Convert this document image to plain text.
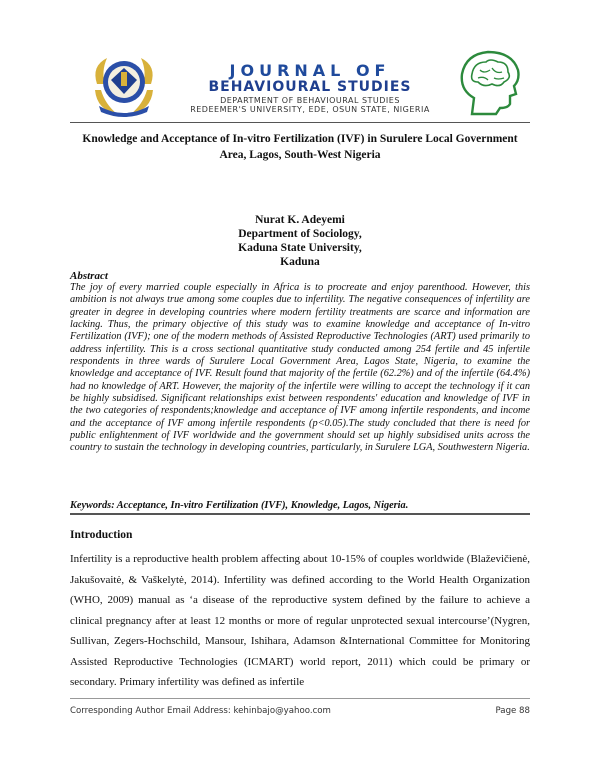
JOURNAL OF
BEHAVIOURAL STUDIES
DEPARTMENT OF BEHAVIOURAL STUDIES
REDEEMER'S UNIVERSITY, EDE, OSUN STATE, NIGERIA
Knowledge and Acceptance of In-vitro Fertilization (IVF) in Surulere Local Government Area, Lagos, South-West Nigeria
Nurat K. Adeyemi
Department of Sociology,
Kaduna State University,
Kaduna
Abstract

The joy of every married couple especially in Africa is to procreate and enjoy parenthood. However, this ambition is not always true among some couples due to infertility. The negative consequences of infertility are greater in degree in developing countries where modern fertility treatments are scarce and information are lacking. Thus, the primary objective of this study was to examine knowledge and acceptance of In-vitro Fertilization (IVF); one of the modern methods of Assisted Reproductive Technologies (ART) used primarily to address infertility. This is a cross sectional quantitative study conducted among 254 fertile and 45 infertile respondents in three wards of Surulere Local Government Area, Lagos State, Nigeria, to examine the knowledge and acceptance of IVF. Result found that majority of the fertile (62.2%) and of the infertile (64.4%) had no knowledge of ART. However, the majority of the infertile were willing to accept the technology if it can be highly subsidised. Significant relationships exist between respondents' education and knowledge of IVF in the two categories of respondents;knowledge and acceptance of IVF among infertile respondents, and income and the acceptance of IVF among infertile respondents (p<0.05).The study concluded that there is need for public enlightenment of IVF worldwide and the government should set up highly subsidised units across the country to sustain the technology in developing countries, particularly, in Surulere LGA, Southwestern Nigeria.

Keywords: Acceptance, In-vitro Fertilization (IVF), Knowledge, Lagos, Nigeria.
Introduction

Infertility is a reproductive health problem affecting about 10-15% of couples worldwide (Blaževičienė, Jakušovaitė, & Vaškelytė, 2014). Infertility was defined according to the World Health Organization (WHO, 2009) manual as ‘a disease of the reproductive system defined by the failure to achieve a clinical pregnancy after at least 12 months or more of regular unprotected sexual intercourse’(Nygren, Sullivan, Zegers-Hochschild, Mansour, Ishihara, Adamson &International Committee for Monitoring Assisted Reproductive Technologies (ICMART) world report, 2011) which could be primary or secondary. Primary infertility was defined as infertile

Corresponding Author Email Address: kehinbajo@yahoo.com	Page 88
